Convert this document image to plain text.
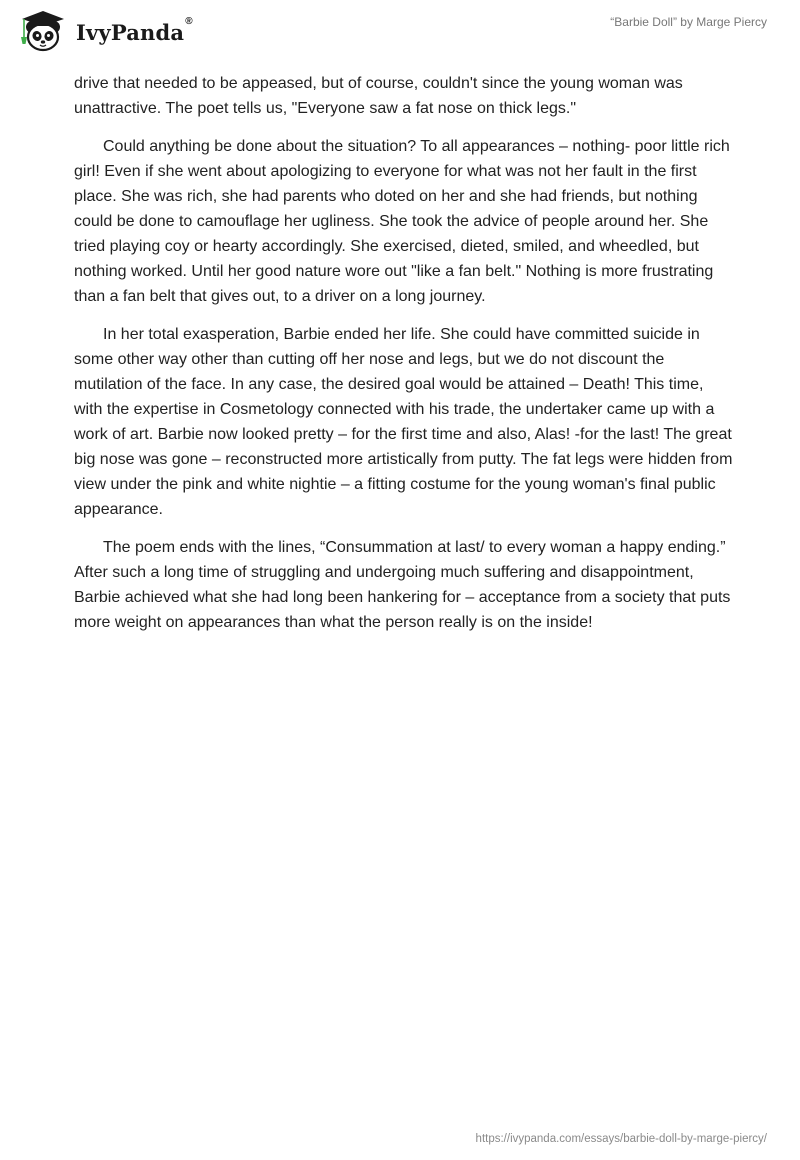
IvyPanda®	“Barbie Doll” by Marge Piercy

drive that needed to be appeased, but of course, couldn't since the young woman was unattractive. The poet tells us, "Everyone saw a fat nose on thick legs."

Could anything be done about the situation? To all appearances – nothing- poor little rich girl! Even if she went about apologizing to everyone for what was not her fault in the first place. She was rich, she had parents who doted on her and she had friends, but nothing could be done to camouflage her ugliness. She took the advice of people around her. She tried playing coy or hearty accordingly. She exercised, dieted, smiled, and wheedled, but nothing worked. Until her good nature wore out "like a fan belt." Nothing is more frustrating than a fan belt that gives out, to a driver on a long journey.

In her total exasperation, Barbie ended her life. She could have committed suicide in some other way other than cutting off her nose and legs, but we do not discount the mutilation of the face. In any case, the desired goal would be attained – Death! This time, with the expertise in Cosmetology connected with his trade, the undertaker came up with a work of art. Barbie now looked pretty – for the first time and also, Alas! -for the last! The great big nose was gone – reconstructed more artistically from putty. The fat legs were hidden from view under the pink and white nightie – a fitting costume for the young woman's final public appearance.

The poem ends with the lines, “Consummation at last/ to every woman a happy ending.” After such a long time of struggling and undergoing much suffering and disappointment, Barbie achieved what she had long been hankering for – acceptance from a society that puts more weight on appearances than what the person really is on the inside!

https://ivypanda.com/essays/barbie-doll-by-marge-piercy/
